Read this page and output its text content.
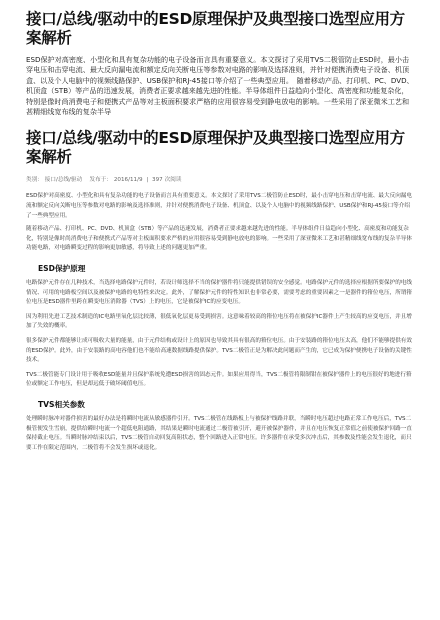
接口/总线/驱动中的ESD原理保护及典型接口选型应用方案解析

ESD保护对高密度、小型化和具有复杂功能的电子设备而言具有重要意义。本文探讨了采用TVS二极管防止ESD时，最小击穿电压和击穿电流、最大反向漏电流和额定反向关断电压等参数对电路的影响及选择准则，并针对便携消费电子设备、机顶盒、以及个人电脑中的视频线路保护、USB保护和RJ-45接口等介绍了一些典型应用。　随着移动产品、打印机、PC、DVD、机顶盒（STB）等产品的迅速发展，消费者正要求越来越先进的性能。半导体组件日益趋向小型化、高密度和功能复杂化，特别是像时尚消费电子和便携式产品等对主板面积要求严格的应用很容易受到静电放电的影响。一些采用了深亚微米工艺和甚精细线宽布线的复杂半导

接口/总线/驱动中的ESD原理保护及典型接口选型应用方案解析
类别： 接口/总线/驱动 发布于： 2016/11/9 | 397 次阅读

ESD保护对高密度、小型化和具有复杂功能的电子设备而言具有重要意义。本文探讨了采用TVS二极管防止ESD时，最小击穿电压和击穿电流、最大反向漏电流和额定反向关断电压等参数对电路的影响及选择准则，并针对便携消费电子设备、机顶盒、以及个人电脑中的视频线路保护、USB保护和RJ-45接口等介绍了一些典型应用。

随着移动产品、打印机、PC、DVD、机顶盒（STB）等产品的迅速发展，消费者正要求越来越先进的性能。半导体组件日益趋向小型化、高密度和功能复杂化，特别是像时尚消费电子和便携式产品等对主板面积要求严格的应用很容易受到静电放电的影响。一些采用了深亚微米工艺和甚精细线宽布线的复杂半导体功能电路，对电路瞬变过程的影响更加敏感，将导致上述的问题更加严重。

ESD保护原理

电路保护元件存在几种技术，当选择电路保护元件时，若设计师选择不当的保护器件将只能提供错误的安全感觉。电路保护元件的选择应根据所要保护的电线情况、可用的电路板空间以及被保护电路的电特性来决定。此外，了解保护元件的特性知识也非常必要，需要考虑的重要因素之一是器件的箝位电压，所谓箝位电压是ESD器件里跨在瞬变电压消除器（TVS）上的电压，它是被保护IC的应变电压。

因为利用先进工艺技术制造的IC电路里氧化层比较薄，很低氧化层更易受到损害。这意味着较高的箝位电压将在被保护IC器件上产生较高的应变电压，并且增加了失效的概率。

很多保护元件都能够让成可吸收大量的能量，由于元件结构或设计上的原因也导致其具有很高的箝位电压。由于安装路的箝位电压太高，他们不能够提供有效的ESD保护。此外，由于安装路的高电容他们也不能给高速数据线路提供保护。TVS二极管正是为解决此问题而产生的，它已成为保护便携电子设备的关键性技术。

TVS二极管能专门设计用于吸收ESD能量并且保护系统免遭ESD损害的固态元件。如果应用得当，TVS二极管将限制钳在被保护器件上的电压很好的地进行箝位或额定工作电压，但是却远低于破坏阈值电压。

TVS相关参数

处理瞬时脉冲对器件损害的最好办法是将瞬时电流从敏感器件引开。TVS二极管在线路板上与被保护线路并联，当瞬时电压超过电路正常工作电压后，TVS二极管便发生雪崩，提供给瞬时电流一个超低电阻通路，其结果是瞬时电流通过二极管被引开，避开被保护器件，并且在电压恢复正常值之前使被保护回路一直保持截止电压。当瞬时脉冲结束以后，TVS二极管自动回复高阻状态，整个回路进入正常电压。许多器件在承受多次冲击后，其参数及性能会发生退化，而只要工作在限定范围内，二极管将不会发生损坏或退化。
